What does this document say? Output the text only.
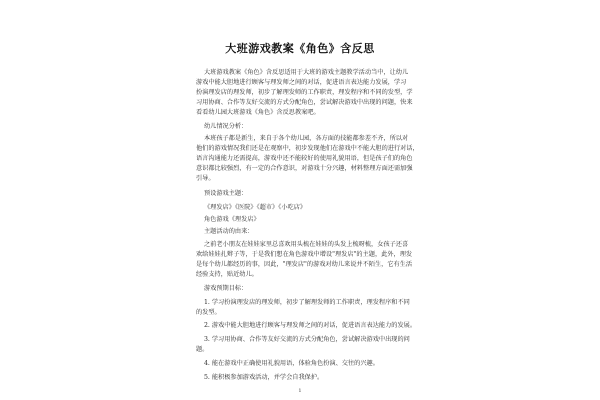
大班游戏教案《角色》含反思
大班游戏教案《角色》含反思适用于大班的游戏主题教学活动当中，让幼儿
游戏中能大胆地进行顾客与理发师之间的对话，促进语言表达能力发展，学习
扮演理发店的理发师，初步了解理发师的工作职责，理发程序和不同的发型，学
习用协商、合作等友好交流的方式分配角色，尝试解决游戏中出现的问题，快来
看看幼儿园大班游戏《角色》含反思教案吧。
幼儿情况分析：
本班孩子都是新生，来自于各个幼儿园，各方面的技能都参差不齐，所以对
他们的游戏情况我们还是在观察中，初步发现他们在游戏中不能大胆的进行对话，
语言沟通能力还需提高，游戏中还不能较好的使用礼貌用语，但是孩子们的角色
意识都比较强烈，有一定的合作意识，对游戏十分兴趣，材料整理方面还需加强
引导。
预设游戏主题：
《理发店》《医院》《超市》《小吃店》
角色游戏《理发店》
主题活动的由来：
之前老小朋友在娃娃家里总喜欢用头梳在娃娃的头发上梳呀梳，女孩子还喜
欢给娃娃扎辫子等，于是我们想在角色游戏中增设"理发店"的主题，此外，理发
是每个幼儿都经历的事，因此，"理发店"的游戏对幼儿来说并不陌生，它有生活
经验支持，贴近幼儿。
游戏预期目标：
1. 学习扮演理发店的理发师，初步了解理发师的工作职责，理发程序和不同
的发型。
2. 游戏中能大胆地进行顾客与理发师之间的对话，促进语言表达能力的发展。
3. 学习用协商、合作等友好交流的方式分配角色，尝试解决游戏中出现的问
题。
4. 能在游戏中正确使用礼貌用语，体验角色扮演、交往的兴趣。
5. 能积极参加游戏活动，并学会自我保护。
1
